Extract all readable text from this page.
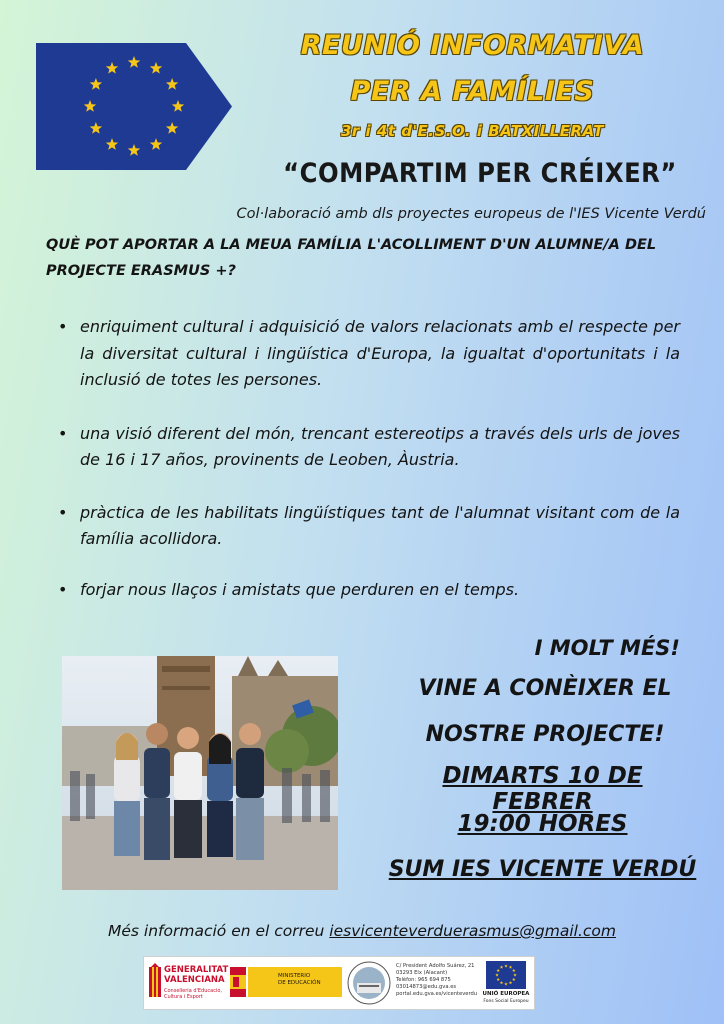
REUNIÓ INFORMATIVA
PER A FAMÍLIES
3r i 4t d'E.S.O. i BATXILLERAT
“COMPARTIM PER CRÉIXER”
Col·laboració amb dls proyectes europeus de l'IES Vicente Verdú
QUÈ POT APORTAR A LA MEUA FAMÍLIA L'ACOLLIMENT D'UN ALUMNE/A DEL PROJECTE ERASMUS +?
• enriquiment cultural i adquisició de valors relacionats amb el respecte per la diversitat cultural i lingüística d'Europa, la igualtat d'oportunitats i la inclusió de totes les persones.
• una visió diferent del món, trencant estereotips a través dels urls de joves de 16 i 17 años, provinents de Leoben, Àustria.
• pràctica de les habilitats lingüístiques tant de l'alumnat visitant com de la família acollidora.
• forjar nous llaços i amistats que perduren en el temps.
I MOLT MÉS!
VINE A CONÈIXER EL
NOSTRE PROJECTE!
DIMARTS 10 DE FEBRER
19:00 HORES
SUM IES VICENTE VERDÚ
Més informació en el correu iesvicenteverduerasmus@gmail.com
GENERALITAT
VALENCIANA
Conselleria d'Educació, Cultura i Esport
MINISTERIO
DE EDUCACIÓN
C/ President Adolfo Suárez, 21
03293 Elx (Alacant)
Telèfon: 965 694 875
03014873@edu.gva.es
portal.edu.gva.es/vicenteverdu UNIÓ EUROPEA
Fons Social Europeu
